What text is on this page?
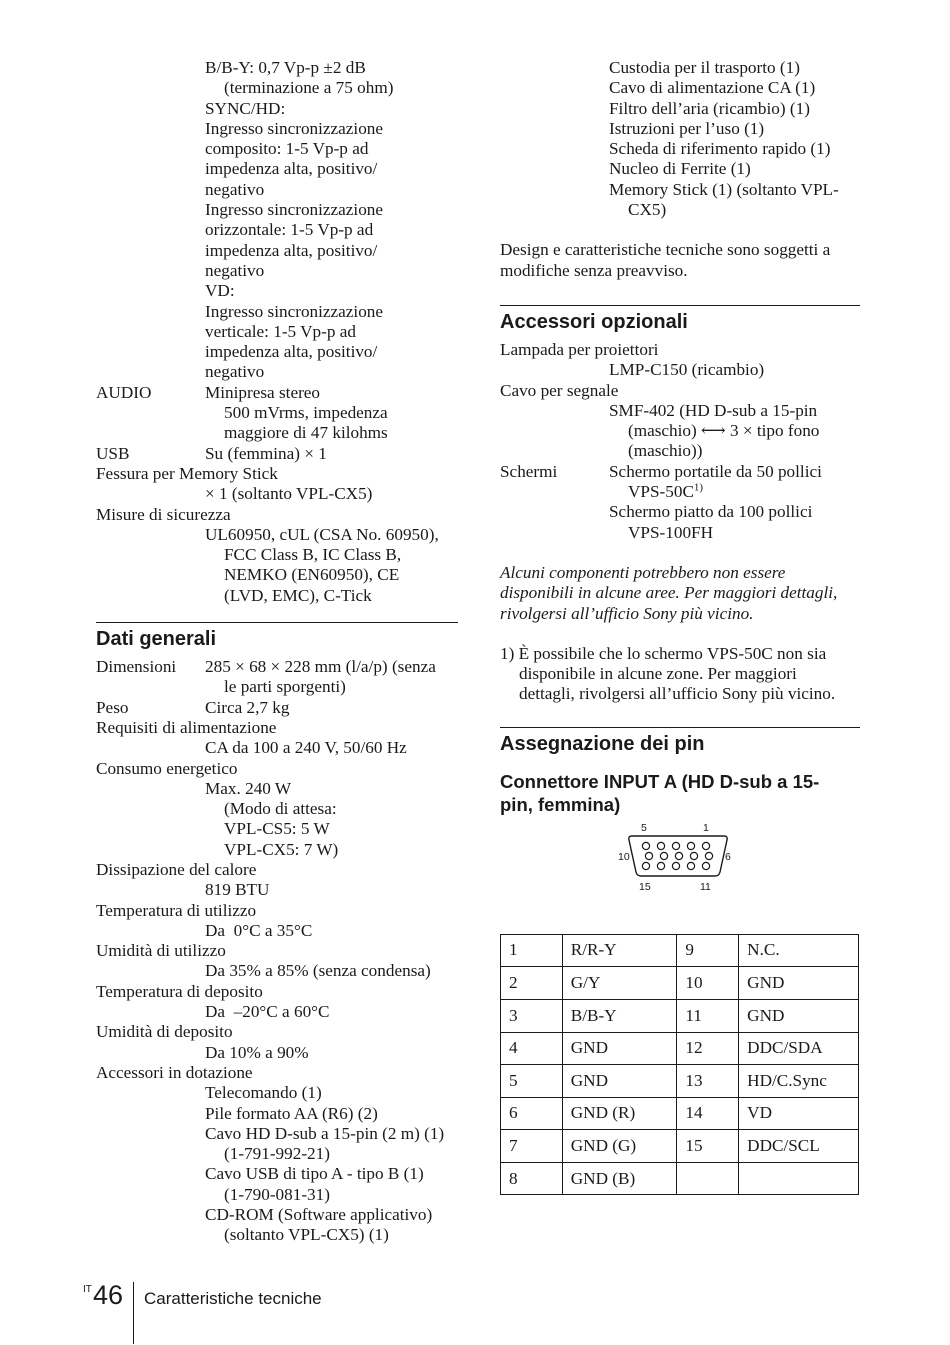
B/B-Y: 0,7 Vp-p ±2 dB
(terminazione a 75 ohm)
SYNC/HD:
Ingresso sincronizzazione
composito: 1-5 Vp-p ad
impedenza alta, positivo/
negativo
Ingresso sincronizzazione
orizzontale: 1-5 Vp-p ad
impedenza alta, positivo/
negativo
VD:
Ingresso sincronizzazione
verticale: 1-5 Vp-p ad
impedenza alta, positivo/
negativo
AUDIO	Minipresa stereo
500 mVrms, impedenza
maggiore di 47 kilohms
USB	Su (femmina) × 1
Fessura per Memory Stick
× 1 (soltanto VPL-CX5)
Misure di sicurezza
UL60950, cUL (CSA No. 60950),
FCC Class B, IC Class B,
NEMKO (EN60950), CE
(LVD, EMC), C-Tick
Dati generali
Dimensioni	285 × 68 × 228 mm (l/a/p) (senza
le parti sporgenti)
Peso	Circa 2,7 kg
Requisiti di alimentazione
CA da 100 a 240 V, 50/60 Hz
Consumo energetico
Max. 240 W
(Modo di attesa:
VPL-CS5: 5 W
VPL-CX5: 7 W)
Dissipazione del calore
819 BTU
Temperatura di utilizzo
Da  0°C a 35°C
Umidità di utilizzo
Da 35% a 85% (senza condensa)
Temperatura di deposito
Da  –20°C a 60°C
Umidità di deposito
Da 10% a 90%
Accessori in dotazione
Telecomando (1)
Pile formato AA (R6) (2)
Cavo HD D-sub a 15-pin (2 m) (1)
(1-791-992-21)
Cavo USB di tipo A - tipo B (1)
(1-790-081-31)
CD-ROM (Software applicativo)
(soltanto VPL-CX5) (1)
Custodia per il trasporto (1)
Cavo di alimentazione CA (1)
Filtro dell’aria (ricambio) (1)
Istruzioni per l’uso (1)
Scheda di riferimento rapido (1)
Nucleo di Ferrite (1)
Memory Stick (1) (soltanto VPL-
CX5)
Design e caratteristiche tecniche sono soggetti a
modifiche senza preavviso.
Accessori opzionali
Lampada per proiettori
LMP-C150 (ricambio)
Cavo per segnale
SMF-402 (HD D-sub a 15-pin
(maschio) ⟷ 3 × tipo fono
(maschio))
Schermi	Schermo portatile da 50 pollici
VPS-$50C^{1)}$
Schermo piatto da 100 pollici
VPS-100FH
Alcuni componenti potrebbero non essere
disponibili in alcune aree. Per maggiori dettagli,
rivolgersi all’ufficio Sony più vicino.
1) È possibile che lo schermo VPS-50C non sia
disponibile in alcune zone. Per maggiori
dettagli, rivolgersi all’ufficio Sony più vicino.
Assegnazione dei pin
Connettore INPUT A (HD D-sub a 15-
pin, femmina)
5	1
10	6
15	11
1	R/R-Y	9	N.C.
2	G/Y	10	GND
3	B/B-Y	11	GND
4	GND	12	DDC/SDA
5	GND	13	HD/C.Sync
6	GND (R)	14	VD
7	GND (G)	15	DDC/SCL
8	GND (B)		
IT 46 Caratteristiche tecniche
